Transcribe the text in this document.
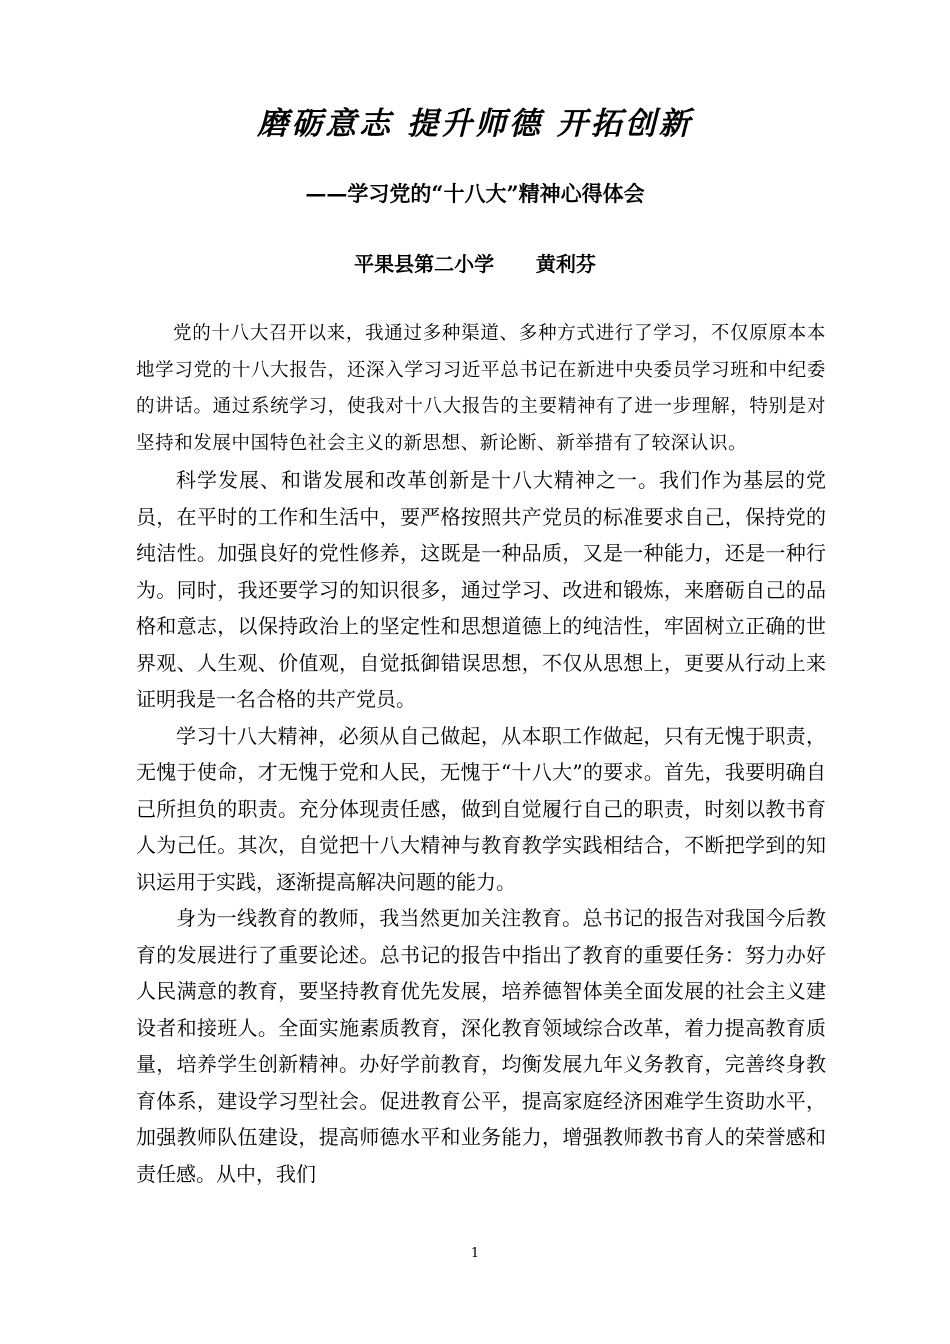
磨砺意志 提升师德 开拓创新
——学习党的“十八大”精神心得体会
平果县第二小学      黄利芬

党的十八大召开以来，我通过多种渠道、多种方式进行了学习，不仅原原本本地学习党的十八大报告，还深入学习习近平总书记在新进中央委员学习班和中纪委的讲话。通过系统学习，使我对十八大报告的主要精神有了进一步理解，特别是对坚持和发展中国特色社会主义的新思想、新论断、新举措有了较深认识。

科学发展、和谐发展和改革创新是十八大精神之一。我们作为基层的党员，在平时的工作和生活中，要严格按照共产党员的标准要求自己，保持党的纯洁性。加强良好的党性修养，这既是一种品质，又是一种能力，还是一种行为。同时，我还要学习的知识很多，通过学习、改进和锻炼，来磨砺自己的品格和意志，以保持政治上的坚定性和思想道德上的纯洁性，牢固树立正确的世界观、人生观、价值观，自觉抵御错误思想，不仅从思想上，更要从行动上来证明我是一名合格的共产党员。

学习十八大精神，必须从自己做起，从本职工作做起，只有无愧于职责，无愧于使命，才无愧于党和人民，无愧于“十八大”的要求。首先，我要明确自己所担负的职责。充分体现责任感，做到自觉履行自己的职责，时刻以教书育人为己任。其次，自觉把十八大精神与教育教学实践相结合，不断把学到的知识运用于实践，逐渐提高解决问题的能力。

身为一线教育的教师，我当然更加关注教育。总书记的报告对我国今后教育的发展进行了重要论述。总书记的报告中指出了教育的重要任务：努力办好人民满意的教育，要坚持教育优先发展，培养德智体美全面发展的社会主义建设者和接班人。全面实施素质教育，深化教育领域综合改革，着力提高教育质量，培养学生创新精神。办好学前教育，均衡发展九年义务教育，完善终身教育体系，建设学习型社会。促进教育公平，提高家庭经济困难学生资助水平，加强教师队伍建设，提高师德水平和业务能力，增强教师教书育人的荣誉感和责任感。从中，我们

1
